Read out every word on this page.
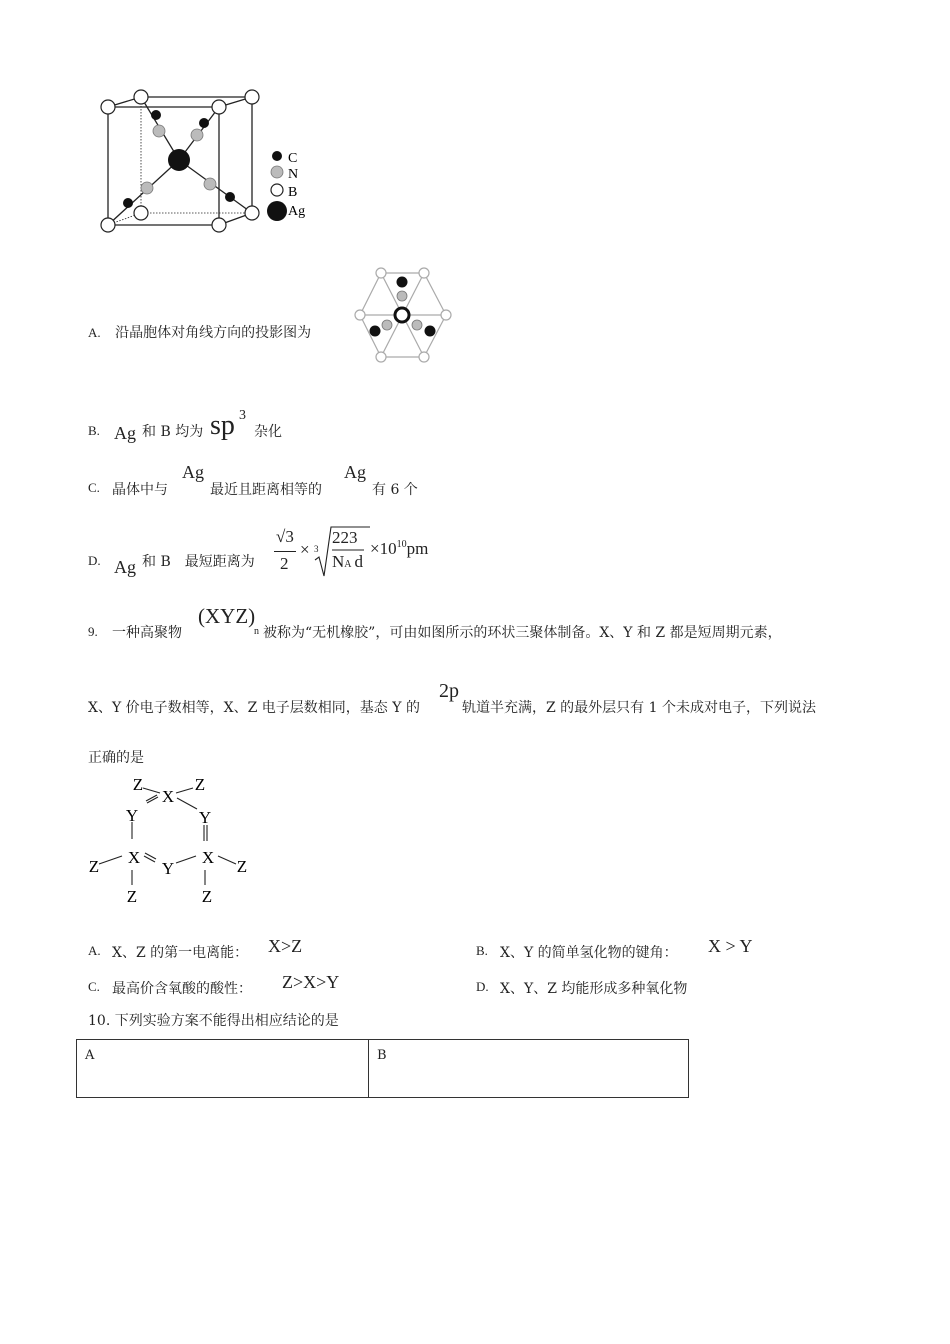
C
N
B
Ag
A. 沿晶胞体对角线方向的投影图为
B. Ag 和 B 均为 sp 3
杂化
C. 晶体中与
Ag
最近且距离相等的
Ag
有 6 个
D. Ag 和 B　最短距离为
√3
2
× 3
223
NA d
$\times 10^{10}pm$
9. 一种高聚物
(XYZ)
n 被称为“无机橡胶”，可由如图所示的环状三聚体制备。X、Y 和 Z 都是短周期元素，
X、Y 价电子数相等，X、Z 电子层数相同，基态 Y 的
2p
轨道半充满，Z 的最外层只有 1 个未成对电子，下列说法
正确的是
Z
X
Z
Y	Y
Z X
Y
X Z
Z	Z
A. X、Z 的第一电离能： X>Z	B. X、Y 的简单氢化物的键角： X > Y
C. 最高价含氧酸的酸性： Z>X>Y	D. X、Y、Z 均能形成多种氧化物
10. 下列实验方案不能得出相应结论的是
A	B
